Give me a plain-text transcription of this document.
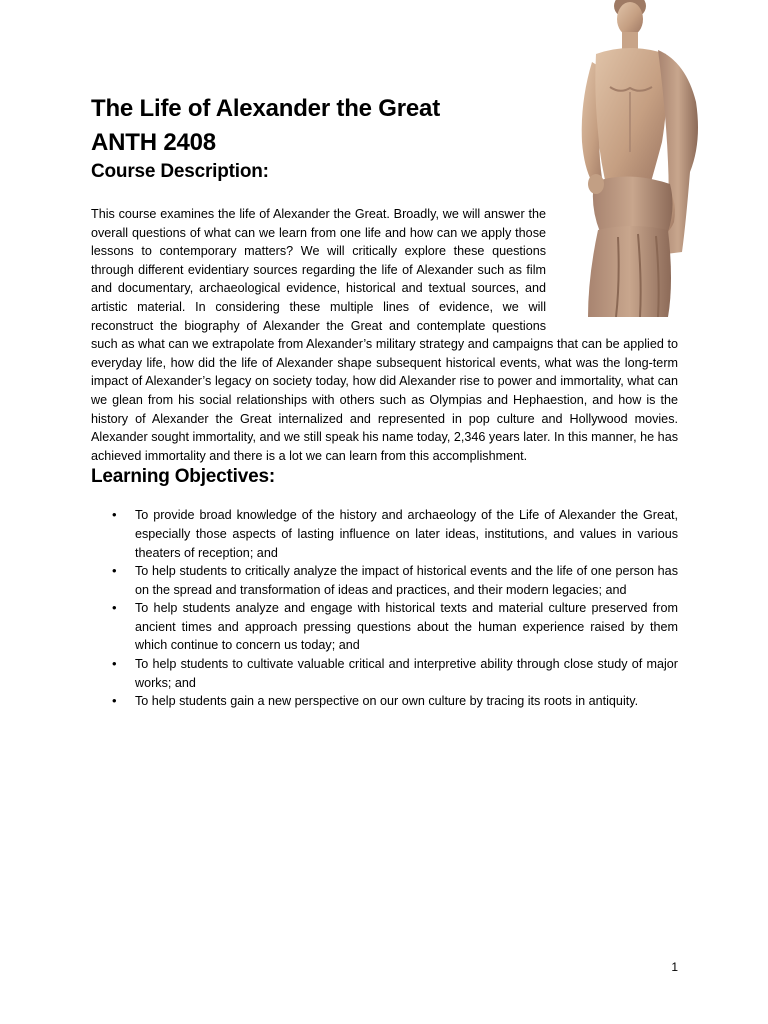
The Life of Alexander the Great
ANTH 2408
Course Description:
This course examines the life of Alexander the Great. Broadly, we will answer the overall questions of what can we learn from one life and how can we apply those lessons to contemporary matters? We will critically explore these questions through different evidentiary sources regarding the life of Alexander such as film and documentary, archaeological evidence, historical and textual sources, and artistic material. In considering these multiple lines of evidence, we will reconstruct the biography of Alexander the Great and contemplate questions such as what can we extrapolate from Alexander’s military strategy and campaigns that can be applied to everyday life, how did the life of Alexander shape subsequent historical events, what was the long-term impact of Alexander’s legacy on society today, how did Alexander rise to power and immortality, what can we glean from his social relationships with others such as Olympias and Hephaestion, and how is the history of Alexander the Great internalized and represented in pop culture and Hollywood movies. Alexander sought immortality, and we still speak his name today, 2,346 years later. In this manner, he has achieved immortality and there is a lot we can learn from this accomplishment.
Learning Objectives:
• To provide broad knowledge of the history and archaeology of the Life of Alexander the Great, especially those aspects of lasting influence on later ideas, institutions, and values in various theaters of reception; and
• To help students to critically analyze the impact of historical events and the life of one person has on the spread and transformation of ideas and practices, and their modern legacies; and
• To help students analyze and engage with historical texts and material culture preserved from ancient times and approach pressing questions about the human experience raised by them which continue to concern us today; and
• To help students to cultivate valuable critical and interpretive ability through close study of major works; and
• To help students gain a new perspective on our own culture by tracing its roots in antiquity.
1
